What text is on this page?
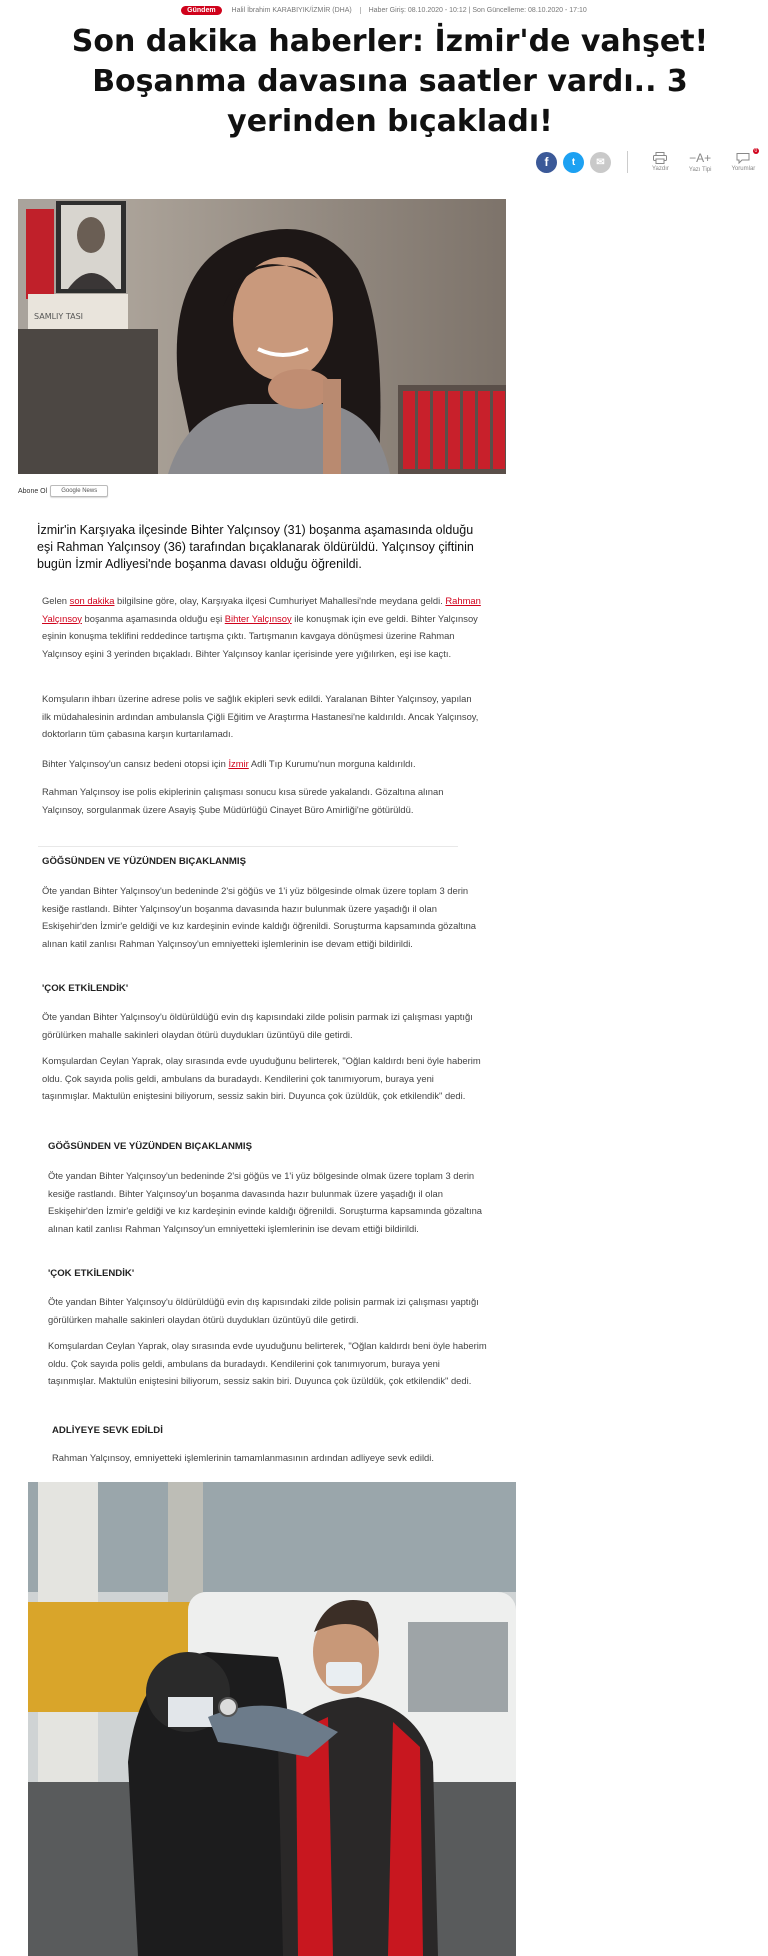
Gündem Halil İbrahim KARABIYIK/İZMİR (DHA) Haber Giriş: 08.10.2020 - 10:12 | Son Güncelleme: 08.10.2020 - 17:10
Son dakika haberler: İzmir'de vahşet!
Boşanma davasına saatler vardı.. 3
yerinden bıçakladı!
f t ✉
Yazdır
−A+
Yazı Tipi
0
Yorumlar
SAMLIY TASI
Abone Ol	Google News

İzmir'in Karşıyaka ilçesinde Bihter Yalçınsoy (31) boşanma aşamasında olduğu eşi Rahman Yalçınsoy (36) tarafından bıçaklanarak öldürüldü. Yalçınsoy çiftinin bugün İzmir Adliyesi'nde boşanma davası olduğu öğrenildi.

Gelen son dakika bilgilsine göre, olay, Karşıyaka ilçesi Cumhuriyet Mahallesi'nde meydana geldi. Rahman Yalçınsoy boşanma aşamasında olduğu eşi Bihter Yalçınsoy ile konuşmak için eve geldi. Bihter Yalçınsoy eşinin konuşma teklifini reddedince tartışma çıktı. Tartışmanın kavgaya dönüşmesi üzerine Rahman Yalçınsoy eşini 3 yerinden bıçakladı. Bihter Yalçınsoy kanlar içerisinde yere yığılırken, eşi ise kaçtı.

Komşuların ihbarı üzerine adrese polis ve sağlık ekipleri sevk edildi. Yaralanan Bihter Yalçınsoy, yapılan ilk müdahalesinin ardından ambulansla Çiğli Eğitim ve Araştırma Hastanesi'ne kaldırıldı. Ancak Yalçınsoy, doktorların tüm çabasına karşın kurtarılamadı.

Bihter Yalçınsoy'un cansız bedeni otopsi için İzmir Adli Tıp Kurumu'nun morguna kaldırıldı.

Rahman Yalçınsoy ise polis ekiplerinin çalışması sonucu kısa sürede yakalandı. Gözaltına alınan Yalçınsoy, sorgulanmak üzere Asayiş Şube Müdürlüğü Cinayet Büro Amirliği'ne götürüldü.

GÖĞSÜNDEN VE YÜZÜNDEN BIÇAKLANMIŞ

Öte yandan Bihter Yalçınsoy'un bedeninde 2'si göğüs ve 1'i yüz bölgesinde olmak üzere toplam 3 derin kesiğe rastlandı. Bihter Yalçınsoy'un boşanma davasında hazır bulunmak üzere yaşadığı il olan Eskişehir'den İzmir'e geldiği ve kız kardeşinin evinde kaldığı öğrenildi. Soruşturma kapsamında gözaltına alınan katil zanlısı Rahman Yalçınsoy'un emniyetteki işlemlerinin ise devam ettiği bildirildi.

'ÇOK ETKİLENDİK'

Öte yandan Bihter Yalçınsoy'u öldürüldüğü evin dış kapısındaki zilde polisin parmak izi çalışması yaptığı görülürken mahalle sakinleri olaydan ötürü duydukları üzüntüyü dile getirdi.

Komşulardan Ceylan Yaprak, olay sırasında evde uyuduğunu belirterek, "Oğlan kaldırdı beni öyle haberim oldu. Çok sayıda polis geldi, ambulans da buradaydı. Kendilerini çok tanımıyorum, buraya yeni taşınmışlar. Maktulün eniştesini biliyorum, sessiz sakin biri. Duyunca çok üzüldük, çok etkilendik" dedi.

GÖĞSÜNDEN VE YÜZÜNDEN BIÇAKLANMIŞ

Öte yandan Bihter Yalçınsoy'un bedeninde 2'si göğüs ve 1'i yüz bölgesinde olmak üzere toplam 3 derin kesiğe rastlandı. Bihter Yalçınsoy'un boşanma davasında hazır bulunmak üzere yaşadığı il olan Eskişehir'den İzmir'e geldiği ve kız kardeşinin evinde kaldığı öğrenildi. Soruşturma kapsamında gözaltına alınan katil zanlısı Rahman Yalçınsoy'un emniyetteki işlemlerinin ise devam ettiği bildirildi.

'ÇOK ETKİLENDİK'

Öte yandan Bihter Yalçınsoy'u öldürüldüğü evin dış kapısındaki zilde polisin parmak izi çalışması yaptığı görülürken mahalle sakinleri olaydan ötürü duydukları üzüntüyü dile getirdi.

Komşulardan Ceylan Yaprak, olay sırasında evde uyuduğunu belirterek, "Oğlan kaldırdı beni öyle haberim oldu. Çok sayıda polis geldi, ambulans da buradaydı. Kendilerini çok tanımıyorum, buraya yeni taşınmışlar. Maktulün eniştesini biliyorum, sessiz sakin biri. Duyunca çok üzüldük, çok etkilendik" dedi.

ADLİYEYE SEVK EDİLDİ

Rahman Yalçınsoy, emniyetteki işlemlerinin tamamlanmasının ardından adliyeye sevk edildi.
